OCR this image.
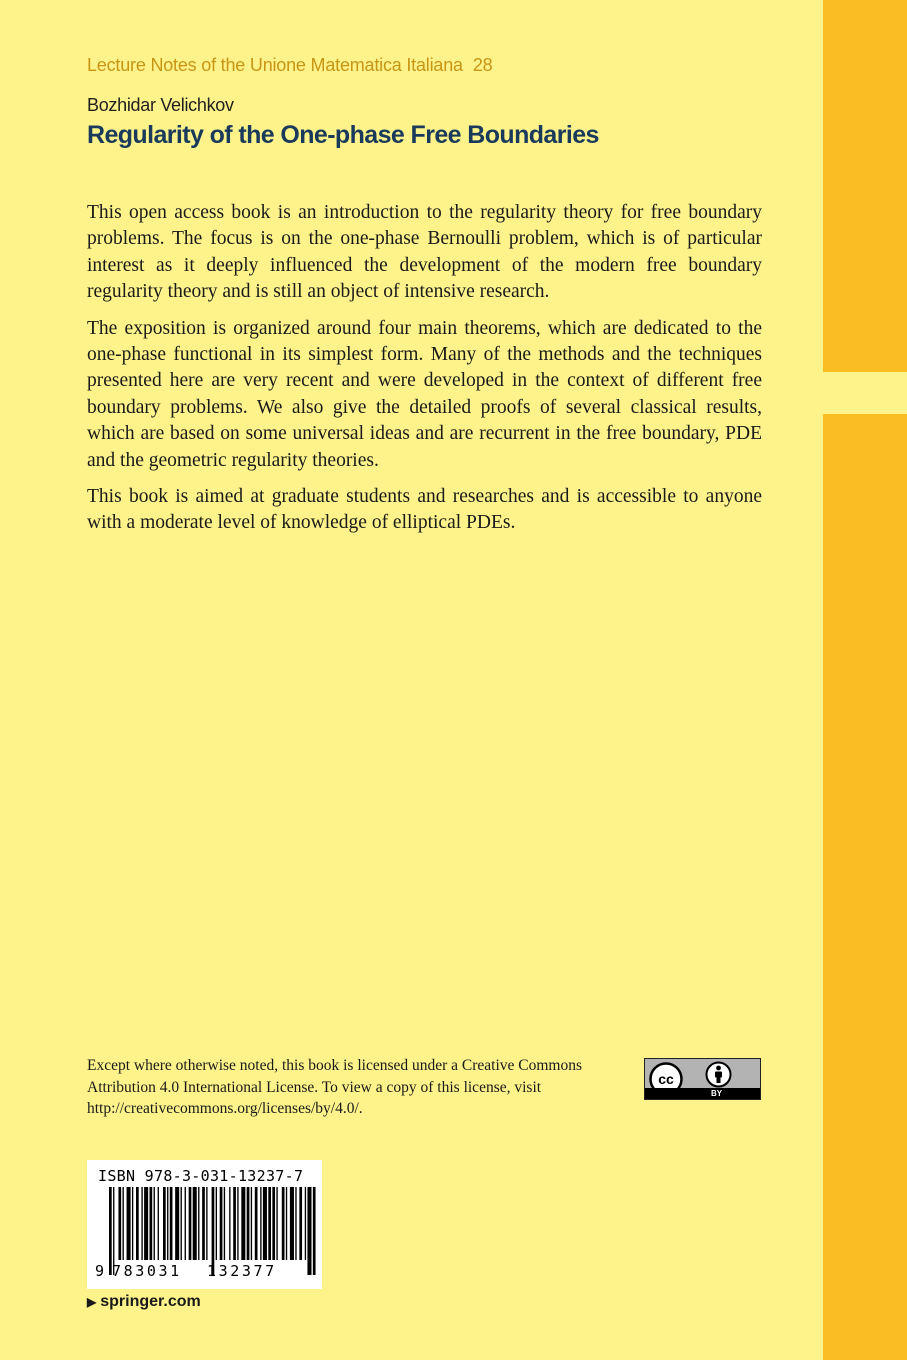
Lecture Notes of the Unione Matematica Italiana 28
Bozhidar Velichkov
Regularity of the One-phase Free Boundaries

This open access book is an introduction to the regularity theory for free boundary problems. The focus is on the one-phase Bernoulli problem, which is of particular interest as it deeply influenced the development of the modern free boundary regularity theory and is still an object of intensive research.

The exposition is organized around four main theorems, which are dedicated to the one-phase functional in its simplest form. Many of the methods and the techniques presented here are very recent and were developed in the context of different free boundary problems. We also give the detailed proofs of several classical results, which are based on some universal ideas and are recurrent in the free boundary, PDE and the geometric regularity theories.

This book is aimed at graduate students and researches and is accessible to anyone with a moderate level of knowledge of elliptical PDEs.

Except where otherwise noted, this book is licensed under a Creative Commons Attribution 4.0 International License. To view a copy of this license, visit http://creativecommons.org/licenses/by/4.0/.
cc
BY
ISBN 978-3-031-13237-7
9 783031 132377
▶ springer.com
